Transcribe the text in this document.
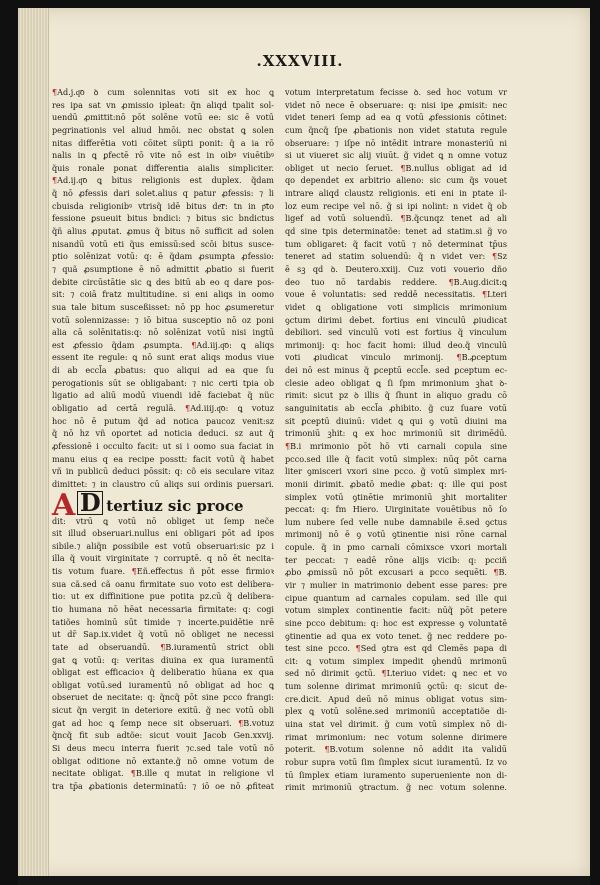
.XXXVIII.
¶Ad.j.q͞o ꝺ cum solennitas voti sit ex hoc ꝗ
res ipa sat vn ꝓmissio ipleat: q̃n aliqd tpalit sol-
uendū ꝓmittit:nō pōt solēne votū ee: sic ē votū
pegrinationis vel aliud hmōi. nec obstat ꝗ solen
nitas differētia voti cōitet süpti ponit: q̃ a ia rō
nalis in ꝗ ꝑfectē rō vite nō est in oibꝰ viuētibꝰ
q̃uis ronale ponat differentia aialis simpliciter.
¶Ad.ij.q͞o ꝗ bitus religionis est duplex. q̃dam
q̃ nō ꝓfessis dari solet.alius q patur ꝓfessis: ⁊ li
cbuisda religionibꝰ vtrisq̃ idē bitus de͞r: tn in p͞to
fessione ꝑsueuit bitus bndici: ⁊ bitus sic bndictus
q̃ñ alius ꝓputat. ꝓmus q̃ bitus nō sufficit ad solen
nisandū votū eti q̃us emissū:sed scōi bitus susce-
ptio solēnizat votū: q: ē q̃dam ꝓsumpta ꝓfessio:
⁊ quã ꝓsumptione ē nō admittit ꝓbatio si fuerit
debite circūstātie sic ꝗ des bitū ab eo q dare pos-
sit: ⁊ coiā fratz multitudine. si eni aliqs in oomo
sua tale bitum susceßisset: nō pp hoc ꝓsumeretur
votū solennizasse: ⁊ iō bitua susceptio nō oz poni
alia cā solēnitatis:q: nō solēnizat votū nisi ingtū
est ꝓfessio q̃dam ꝓsumpta. ¶Ad.iij.q͞o: ꝗ aliqs
essent ite regule: ꝗ nō sunt erat aliqs modus viue
di ab eccl̃a ꝓbatus: quo aliqui ad ea que ſu
perogationis sūt se obligabant: ⁊ nic certi tpia ob
ligatio ad aliū modū viuendi idē faciebat q̃ nüc
obligatio ad certā regulā. ¶Ad.iiij.q͞o: ꝗ votuz
hoc nō ē putum q̃d ad notica paucoz venit:sz
q̃ nō hz vñ oportet ad noticia deduci. sz aut q̃
ꝓfessionē i occulto facit: ut si i oomo sua faciat in
manu eius q ea recipe posstt: facit votū q̃ habet
vñ in publicū deduci pōssit: q: cõ eis seculare vitaz
dimittet: ⁊ in claustro cū aliqs sui ordinis puersari.
A D tertiuz sic proce
dit: vtrū ꝗ votū nō obliget ut ſemp nec̃e
sit illud obseruari.nullus eni obligari pōt ad ipos
sibile.⁊ aliq̃n ꝑossibile est votū obseruari:sic pz i
illa q̃ vouit virginitate ⁊ corruptē. q nō ēt necita-
tis votum fuare. ¶Eñ.effectus ñ pōt esse firmioꝛ
sua cã.sed cã oanu firmitate suo voto est delibera-
tio: ut ex diffinitione pue potita pz.cū q̃ delibera-
tio humana nō hēat necessaria firmitate: q: cogi
tatiões hominū sūt timide ⁊ incerte.puidētie nrē
ut dr̄ Sap.ix.videt q̃ votū nō obliget ne necessi
tate ad obseruandū. ¶B.iuramentū strict obli
gat ꝗ votū: q: veritas diuina ex qua iuramentū
obligat est efficacioꝛ q̃ deliberatio hūana ex qua
obligat votū.sed iuramentū nō obligat ad hoc ꝗ
obseruet de necitate: q: q̃ncq̃ pōt sine pcco frangi:
sicut q̃n vergit in deteriore exitū. g̃ nec votū obli
gat ad hoc ꝗ ſemp nece sit obseruari. ¶B.votuz
q̃ncq̃ fit sub adtõe: sicut vouit Jacob Gen.xxvij.
Si deus mecu interra fuerit ⁊c.sed tale votū nō
obligat oditione nō extante.g̃ nō omne votum de
necitate obligat. ¶B.ille q mutat in religione vl
tra tp̄a ꝓbationis determinatū: ⁊ iō oe nō ꝓfiteat
votum interpretatum fecisse ꝺ. sed hoc votum vr
videt nō nece ē obseruare: q: nisi ipe ꝓmisit: nec
videt teneri ſemp ad ea q votū ꝓfessionis cōtinet:
cum q̃ncq̃ ſpe ꝓbationis non videt statuta regule
obseruare: ⁊ iſpe nō intēdit intrare monasteriū ni
si ut viueret sic alij viuūt. g̃ videt ꝗ n omne votuz
obliget ut necio ſeruet. ¶B.nullus obligat ad id
qo dependet ex arbitrio alieno: sic cum q̃s vouet
intrare aliqd claustz religionis. eti eni in ptate il-
loz eum recipe vel nō. g̃ si ipi nolint: n videt q̃ ob
ligef ad votū soluendū. ¶B.q̃cunqz tenet ad ali
qd sine tpis determinatõe: tenet ad statim.si g̃ vo
tum obligaret: q̃ facit votū ⁊ nō determinat tp̄us
teneret ad statim soluendū: q̃ n videt ver: ¶Sz
ē sꝫ qd ꝺ. Deutero.xxiij. Cuz voti vouerio dño
deo tuo nō tardabis reddere. ¶B.Aug.dicit:ꝗ
voue ē voluntatis: sed reddē necessitatis. ¶Lteri
videt ꝗ obligatione voti simplicis mrimonium
ꝯctum dirimi debet. fortius eni vinculū ꝓiudicat
debiliori. sed vinculū voti est fortius q̃ vinculum
mrimonij: q: hoc facit homi: illud deo.q̃ vinculū
voti ꝓiudicat vinculo mrimonij. ¶B.ꝓceptum
dei nō est minus q̃ ꝑceptū eccl̃e. sed ꝑceptum ec-
clesie adeo obligat ꝗ ſi ſpm mrimonium ꝫhat ꝺ-
rimit: sicut pz ꝺ illis q̃ ſhunt in aliquo gradu cō
sanguinitatis ab eccl̃a ꝓhibito. g̃ cuz ſuare votū
sit ꝑceptū diuinū: videt ꝗ qui ꝯ votū diuini ma
trimoniū ꝫhit: ꝗ ex hoc mrimoniū sit dirimēdū.
¶B.i mrimonio pōt hō vti carnali copula sine
pcco.sed ille q̃ facit votū simplex: nūq pōt carna
liter ꝯmisceri vxori sine pcco. g̃ votū simplex mri-
monii dirimit. ꝓbatō medie ꝓbat: q: ille qui post
simplex votū ꝯtinētie mrimoniū ꝫhit mortaliter
peccat: q: fm Hiero. Uirginitate vouētibus nō ſo
lum nubere ſed velle nube damnabile ē.sed ꝯctus
mrimonij nō ē ꝯ votū ꝯtinentie nisi rōne carnal
copule. q̃ in pmo carnali cōmixsce vxori mortali
ter peccat: ⁊ eadē rōne alijs vicib: q: pcciñ
ꝓbo ꝓmissū nō pōt excusari a pcco sequēti. ¶B.
vir ⁊ mulier in matrimonio debent esse pares: pre
cipue quantum ad carnales copulam. sed ille qui
votum simplex continentie facit: nūq̃ pōt petere
sine pcco debitum: q: hoc est expresse ꝯ voluntatē
ꝯtinentie ad qua ex voto tenet. g̃ nec reddere po-
test sine pcco. ¶Sed ꝯtra est qd Clemēs papa di
cit: ꝗ votum simplex impedit ꝯhendū mrimonū
sed nō dirimit ꝯctū. ¶Lteriuo videt: ꝗ nec et vo
tum solenne dirimat mrimoniū ꝯctū: q: sicut de-
cre.dicit. Apud deū nō minus obligat votus sim-
plex ꝗ votū solēne.sed mrimoniū acceptatiõe di-
uina stat vel dirimit. g̃ cum votū simplex nō di-
rimat mrimonium: nec votum solenne dirimere
poterit. ¶B.votum solenne nō addit ita validū
robur supra votū ſim ſimplex sicut iuramentū. Iz vo
tū ſimplex etiam iuramento superueniente non di-
rimit mrimoniū ꝯtractum. g̃ nec votum solenne.
